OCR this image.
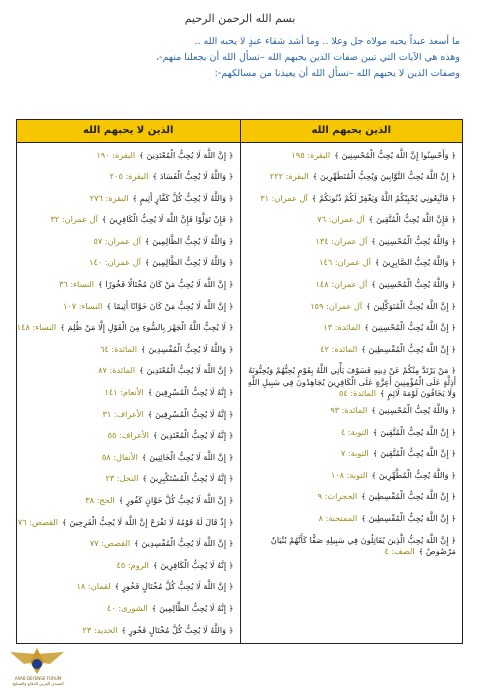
بسم الله الرحمن الرحيم
ما أسعد عبداً يحبه مولاه جل وعلا .. وما أشد شقاء عبدٍ لا يحبه الله ..
وهذه هي الآيات التي تبين صفات الذين يحبهم الله –نسأل الله أن يجعلنا منهم-،
وصفات الذين لا يحبهم الله –نسأل الله أن يعيذنا من مسالكهم-:
الذين يحبهم الله
﴿ وَأَحْسِنُوا إِنَّ اللَّهَ يُحِبُّ الْمُحْسِنِينَ ﴾البقرة: ١٩٥
﴿ إِنَّ اللَّهَ يُحِبُّ التَّوَّابِينَ وَيُحِبُّ الْمُتَطَهِّرِينَ ﴾البقرة: ٢٢٢
﴿ فَاتَّبِعُونِي يُحْبِبْكُمُ اللَّهُ وَيَغْفِرْ لَكُمْ ذُنُوبَكُمْ ﴾آل عمران: ٣١
﴿ فَإِنَّ اللَّهَ يُحِبُّ الْمُتَّقِينَ ﴾آل عمران: ٧٦
﴿ وَاللَّهُ يُحِبُّ الْمُحْسِنِينَ ﴾آل عمران: ١٣٤
﴿ وَاللَّهُ يُحِبُّ الصَّابِرِينَ ﴾آل عمران: ١٤٦
﴿ وَاللَّهُ يُحِبُّ الْمُحْسِنِينَ ﴾آل عمران: ١٤٨
﴿ إِنَّ اللَّهَ يُحِبُّ الْمُتَوَكِّلِينَ ﴾آل عمران: ١٥٩
﴿ إِنَّ اللَّهَ يُحِبُّ الْمُحْسِنِينَ ﴾المائدة: ١٣
﴿ إِنَّ اللَّهَ يُحِبُّ الْمُقْسِطِينَ ﴾المائدة: ٤٢
﴿ مَنْ يَرْتَدَّ مِنْكُمْ عَنْ دِينِهِ فَسَوْفَ يَأْتِي اللَّهُ بِقَوْمٍ يُحِبُّهُمْ وَيُحِبُّونَهُ أَذِلَّةٍ عَلَى الْمُؤْمِنِينَ أَعِزَّةٍ عَلَى الْكَافِرِينَ يُجَاهِدُونَ فِي سَبِيلِ اللَّهِ وَلَا يَخَافُونَ لَوْمَةَ لَائِمٍ ﴾المائدة: ٥٤
﴿ وَاللَّهُ يُحِبُّ الْمُحْسِنِينَ ﴾المائدة: ٩٣
﴿ إِنَّ اللَّهَ يُحِبُّ الْمُتَّقِينَ ﴾التوبة: ٤
﴿ إِنَّ اللَّهَ يُحِبُّ الْمُتَّقِينَ ﴾التوبة: ٧
﴿ وَاللَّهُ يُحِبُّ الْمُطَّهِّرِينَ ﴾التوبة: ١٠٨
﴿ إِنَّ اللَّهَ يُحِبُّ الْمُقْسِطِينَ ﴾الحجرات: ٩
﴿ إِنَّ اللَّهَ يُحِبُّ الْمُقْسِطِينَ ﴾الممتحنة: ٨
﴿ إِنَّ اللَّهَ يُحِبُّ الَّذِينَ يُقَاتِلُونَ فِي سَبِيلِهِ صَفًّا كَأَنَّهُمْ بُنْيَانٌ مَرْصُوصٌ ﴾الصف: ٤
الذين لا يحبهم الله
﴿ إِنَّ اللَّهَ لَا يُحِبُّ الْمُعْتَدِينَ ﴾البقرة: ١٩٠
﴿ وَاللَّهُ لَا يُحِبُّ الْفَسَادَ ﴾البقرة: ٢٠٥
﴿ وَاللَّهُ لَا يُحِبُّ كُلَّ كَفَّارٍ أَثِيمٍ ﴾البقرة: ٢٧٦
﴿ فَإِنْ تَوَلَّوْا فَإِنَّ اللَّهَ لَا يُحِبُّ الْكَافِرِينَ ﴾آل عمران: ٣٢
﴿ وَاللَّهُ لَا يُحِبُّ الظَّالِمِينَ ﴾آل عمران: ٥٧
﴿ وَاللَّهُ لَا يُحِبُّ الظَّالِمِينَ ﴾آل عمران: ١٤٠
﴿ إِنَّ اللَّهَ لَا يُحِبُّ مَنْ كَانَ مُخْتَالًا فَخُورًا ﴾النساء: ٣٦
﴿ إِنَّ اللَّهَ لَا يُحِبُّ مَنْ كَانَ خَوَّانًا أَثِيمًا ﴾النساء: ١٠٧
﴿ لَا يُحِبُّ اللَّهُ الْجَهْرَ بِالسُّوءِ مِنَ الْقَوْلِ إِلَّا مَنْ ظُلِمَ ﴾النساء: ١٤٨
﴿ وَاللَّهُ لَا يُحِبُّ الْمُفْسِدِينَ ﴾المائدة: ٦٤
﴿ إِنَّ اللَّهَ لَا يُحِبُّ الْمُعْتَدِينَ ﴾المائدة: ٨٧
﴿ إِنَّهُ لَا يُحِبُّ الْمُسْرِفِينَ ﴾الأنعام: ١٤١
﴿ إِنَّهُ لَا يُحِبُّ الْمُسْرِفِينَ ﴾الأعراف: ٣١
﴿ إِنَّهُ لَا يُحِبُّ الْمُعْتَدِينَ ﴾الأعراف: ٥٥
﴿ إِنَّ اللَّهَ لَا يُحِبُّ الْخَائِنِينَ ﴾الأنفال: ٥٨
﴿ إِنَّهُ لَا يُحِبُّ الْمُسْتَكْبِرِينَ ﴾النحل: ٢٣
﴿ إِنَّ اللَّهَ لَا يُحِبُّ كُلَّ خَوَّانٍ كَفُورٍ ﴾الحج: ٣٨
﴿ إِذْ قَالَ لَهُ قَوْمُهُ لَا تَفْرَحْ إِنَّ اللَّهَ لَا يُحِبُّ الْفَرِحِينَ ﴾القصص: ٧٦
﴿ إِنَّ اللَّهَ لَا يُحِبُّ الْمُفْسِدِينَ ﴾القصص: ٧٧
﴿ إِنَّهُ لَا يُحِبُّ الْكَافِرِينَ ﴾الروم: ٤٥
﴿ إِنَّ اللَّهَ لَا يُحِبُّ كُلَّ مُخْتَالٍ فَخُورٍ ﴾لقمان: ١٨
﴿ إِنَّهُ لَا يُحِبُّ الظَّالِمِينَ ﴾الشورى: ٤٠
﴿ وَاللَّهُ لَا يُحِبُّ كُلَّ مُخْتَالٍ فَخُورٍ ﴾الحديد: ٢٣
ARAB DEFENSE FORUM
المنتدى العربي للدفاع والتسليح
